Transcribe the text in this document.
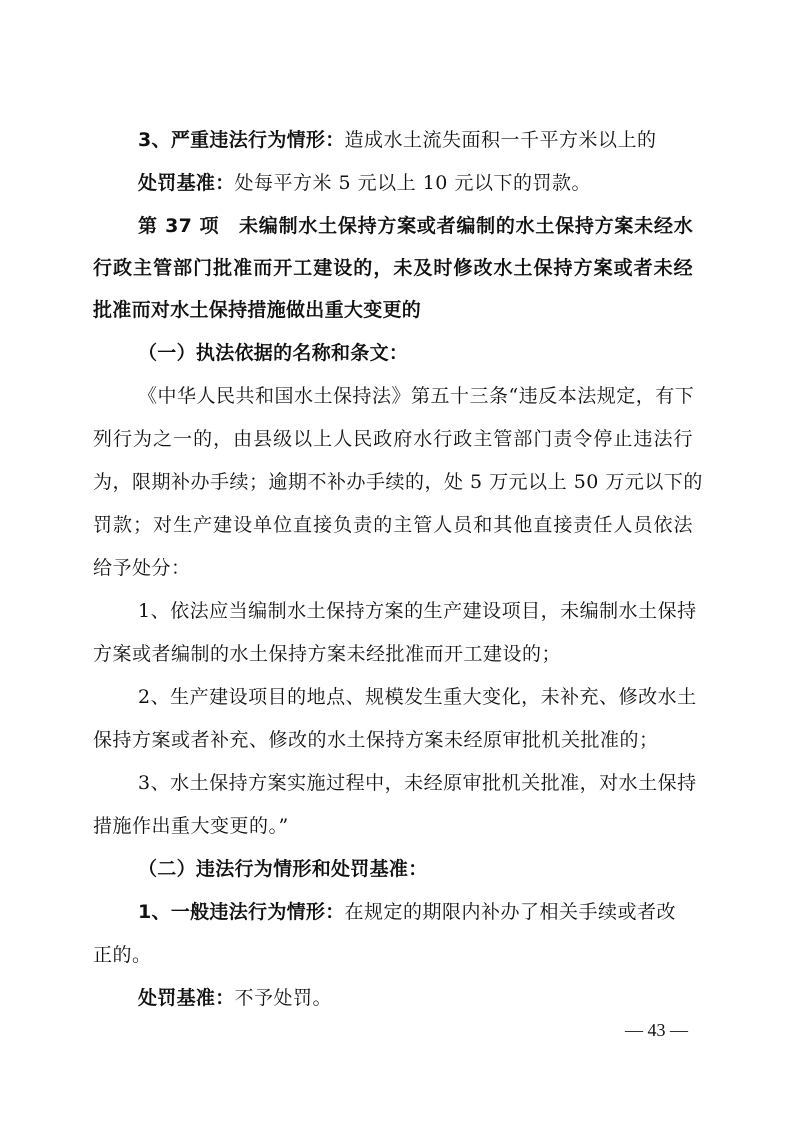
3、严重违法行为情形：造成水土流失面积一千平方米以上的
处罚基准：处每平方米 5 元以上 10 元以下的罚款。
第 37 项　未编制水土保持方案或者编制的水土保持方案未经水
行政主管部门批准而开工建设的，未及时修改水土保持方案或者未经
批准而对水土保持措施做出重大变更的
（一）执法依据的名称和条文：
《中华人民共和国水土保持法》第五十三条“违反本法规定，有下
列行为之一的，由县级以上人民政府水行政主管部门责令停止违法行
为，限期补办手续；逾期不补办手续的，处 5 万元以上 50 万元以下的
罚款；对生产建设单位直接负责的主管人员和其他直接责任人员依法
给予处分：
1、依法应当编制水土保持方案的生产建设项目，未编制水土保持
方案或者编制的水土保持方案未经批准而开工建设的；
2、生产建设项目的地点、规模发生重大变化，未补充、修改水土
保持方案或者补充、修改的水土保持方案未经原审批机关批准的；
3、水土保持方案实施过程中，未经原审批机关批准，对水土保持
措施作出重大变更的。”
（二）违法行为情形和处罚基准：
1、一般违法行为情形：在规定的期限内补办了相关手续或者改
正的。
处罚基准：不予处罚。
— 43 —
